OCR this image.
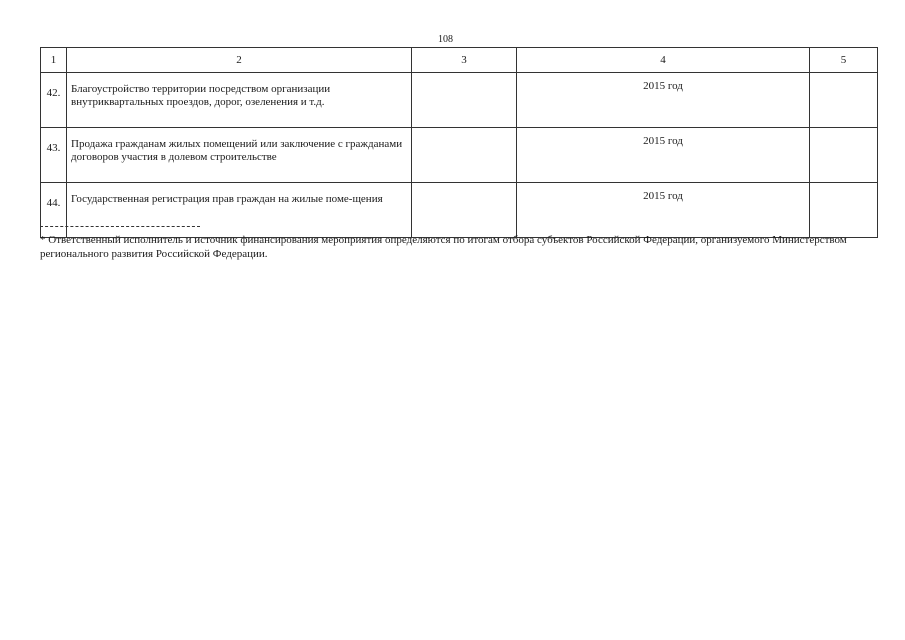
108
1	2	3	4	5
42.	Благоустройство территории посредством организации внутриквартальных проездов, дорог, озеленения и т.д.		2015 год	
43.	Продажа гражданам жилых помещений или заключение с гражданами договоров участия в долевом строительстве		2015 год	
44.	Государственная регистрация прав граждан на жилые поме-щения		2015 год	
* Ответственный исполнитель и источник финансирования мероприятия определяются по итогам отбора субъектов Российской Федерации, организуемого Министерством регионального развития Российской Федерации.
